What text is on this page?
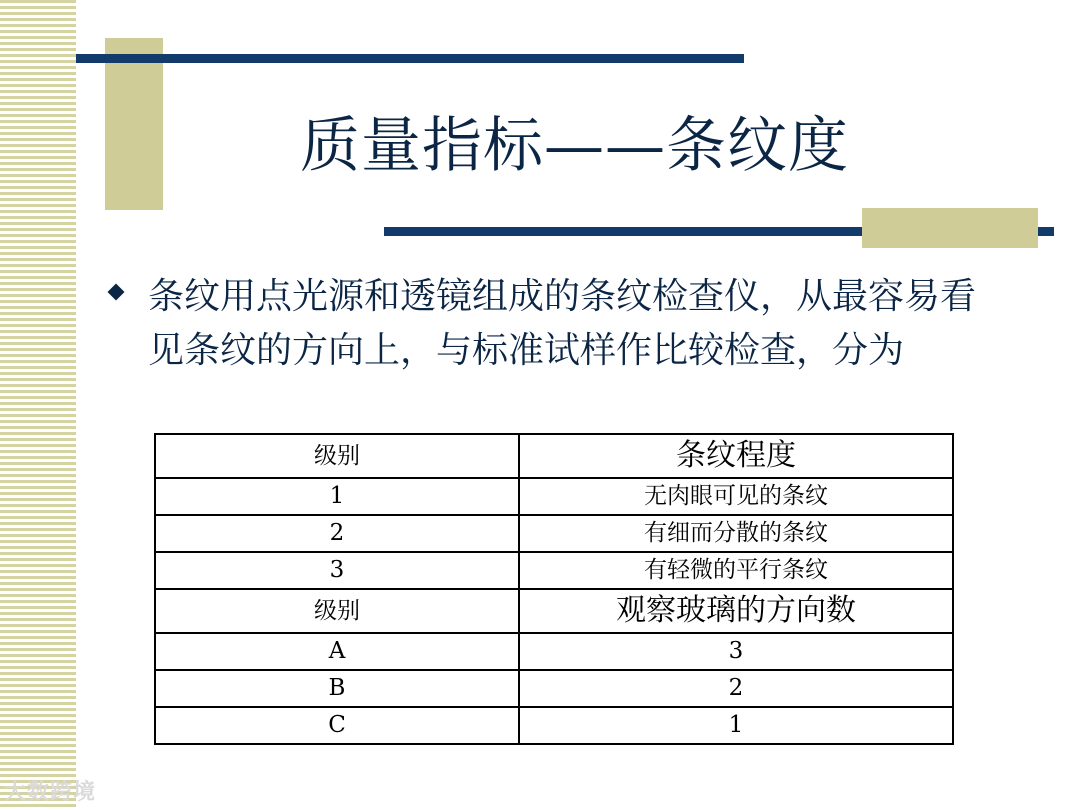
质量指标——条纹度
条纹用点光源和透镜组成的条纹检查仪，从最容易看见条纹的方向上，与标准试样作比较检查，分为
级别	条纹程度
1	无肉眼可见的条纹
2	有细而分散的条纹
3	有轻微的平行条纹
级别	观察玻璃的方向数
A	3
B	2
C	1
大数跨境
